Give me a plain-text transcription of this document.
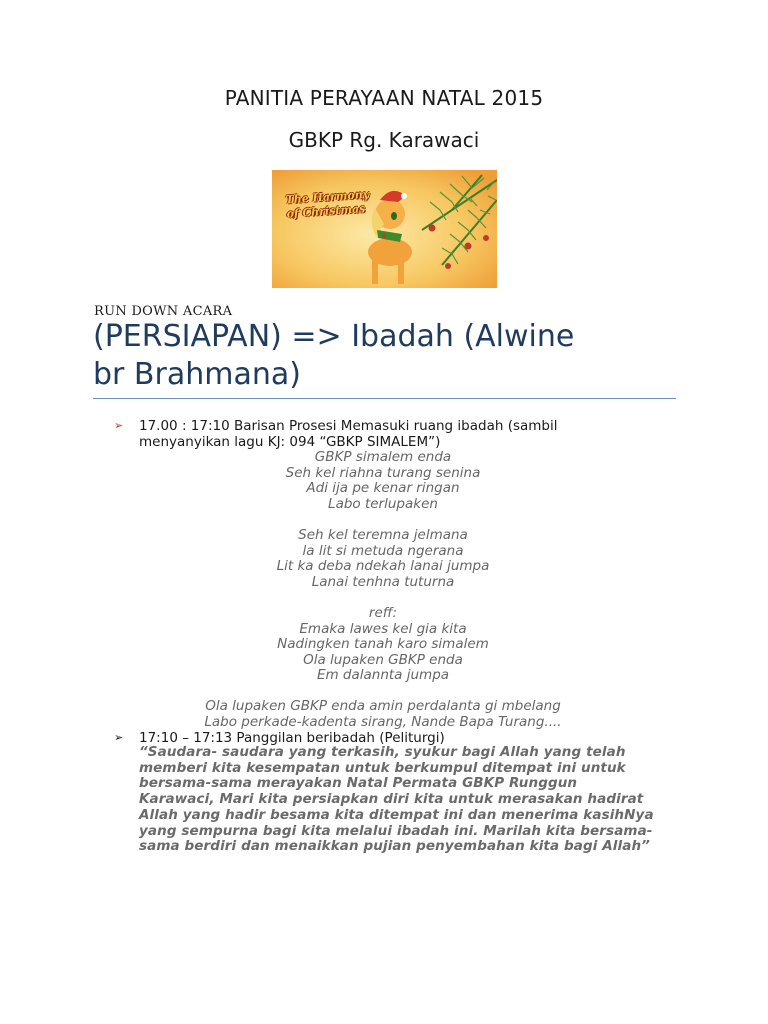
PANITIA PERAYAAN NATAL 2015
GBKP Rg. Karawaci
The Harmony
of Christmas
RUN DOWN ACARA
(PERSIAPAN) => Ibadah (Alwine
br Brahmana)
➢ 17.00 : 17:10 Barisan Prosesi Memasuki ruang ibadah (sambil
menyanyikan lagu KJ: 094 “GBKP SIMALEM”)
GBKP simalem enda
Seh kel riahna turang senina
Adi ija pe kenar ringan
Labo terlupaken
Seh kel teremna jelmana
la lit si metuda ngerana
Lit ka deba ndekah lanai jumpa
Lanai tenhna tuturna
reff:
Emaka lawes kel gia kita
Nadingken tanah karo simalem
Ola lupaken GBKP enda
Em dalannta jumpa
Ola lupaken GBKP enda amin perdalanta gi mbelang
Labo perkade-kadenta sirang, Nande Bapa Turang....
➢ 17:10 – 17:13 Panggilan beribadah (Peliturgi)
“Saudara- saudara yang terkasih, syukur bagi Allah yang telah
memberi kita kesempatan untuk berkumpul ditempat ini untuk
bersama-sama merayakan Natal Permata GBKP Runggun
Karawaci, Mari kita persiapkan diri kita untuk merasakan hadirat
Allah yang hadir besama kita ditempat ini dan menerima kasihNya
yang sempurna bagi kita melalui ibadah ini. Marilah kita bersama-
sama berdiri dan menaikkan pujian penyembahan kita bagi Allah”
